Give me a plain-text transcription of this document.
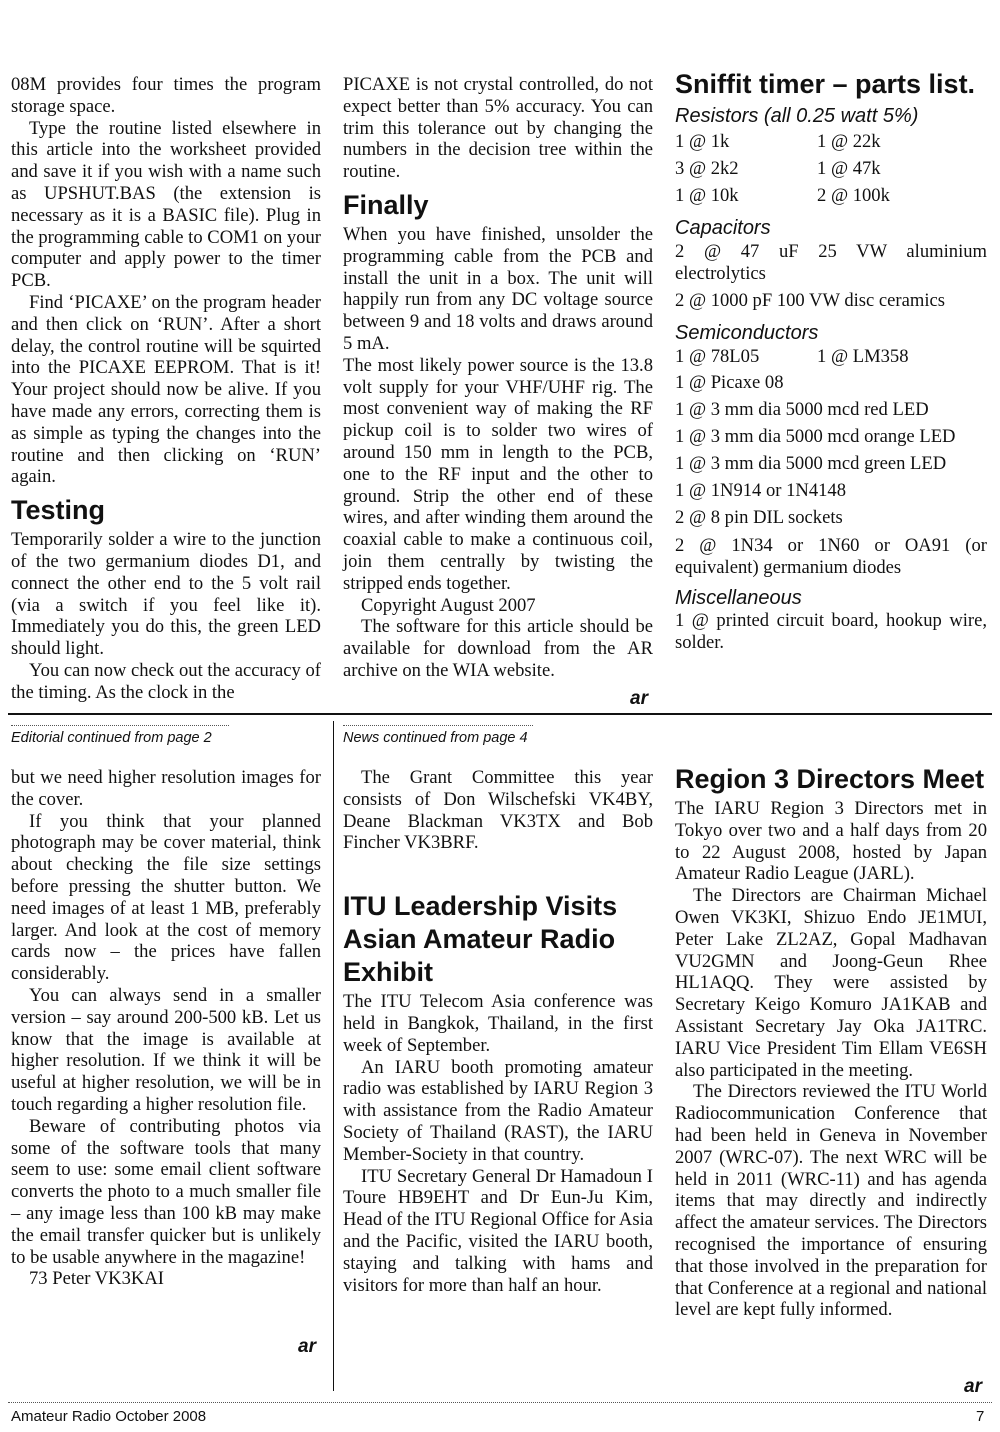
08M provides four times the program storage space.

Type the routine listed elsewhere in this article into the worksheet provided and save it if you wish with a name such as UPSHUT.BAS (the extension is necessary as it is a BASIC file). Plug in the programming cable to COM1 on your computer and apply power to the timer PCB.

Find ‘PICAXE’ on the program header and then click on ‘RUN’. After a short delay, the control routine will be squirted into the PICAXE EEPROM. That is it! Your project should now be alive. If you have made any errors, correcting them is as simple as typing the changes into the routine and then clicking on ‘RUN’ again.

Testing

Temporarily solder a wire to the junction of the two germanium diodes D1, and connect the other end to the 5 volt rail (via a switch if you feel like it). Immediately you do this, the green LED should light.

You can now check out the accuracy of the timing. As the clock in the

PICAXE is not crystal controlled, do not expect better than 5% accuracy. You can trim this tolerance out by changing the numbers in the decision tree within the routine.

Finally

When you have finished, unsolder the programming cable from the PCB and install the unit in a box. The unit will happily run from any DC voltage source between 9 and 18 volts and draws around 5 mA.

The most likely power source is the 13.8 volt supply for your VHF/UHF rig. The most convenient way of making the RF pickup coil is to solder two wires of around 150 mm in length to the PCB, one to the RF input and the other to ground. Strip the other end of these wires, and after winding them around the coaxial cable to make a continuous coil, join them centrally by twisting the stripped ends together.

Copyright August 2007

The software for this article should be available for download from the AR archive on the WIA website.

ar
Sniffit timer – parts list.
Resistors (all 0.25 watt 5%)
1 @ 1k	1 @ 22k
3 @ 2k2	1 @ 47k
1 @ 10k	2 @ 100k
Capacitors

2 @ 47 uF 25 VW aluminium electrolytics

2 @ 1000 pF 100 VW disc ceramics

Semiconductors
1 @ 78L05	1 @ LM358

1 @ Picaxe 08

1 @ 3 mm dia 5000 mcd red LED

1 @ 3 mm dia 5000 mcd orange LED

1 @ 3 mm dia 5000 mcd green LED

1 @ 1N914 or 1N4148

2 @ 8 pin DIL sockets

2 @ 1N34 or 1N60 or OA91 (or equivalent) germanium diodes

Miscellaneous

1 @ printed circuit board, hookup wire, solder.

Editorial continued from page 2

but we need higher resolution images for the cover.

If you think that your planned photograph may be cover material, think about checking the file size settings before pressing the shutter button. We need images of at least 1 MB, preferably larger. And look at the cost of memory cards now – the prices have fallen considerably.

You can always send in a smaller version – say around 200-500 kB. Let us know that the image is available at higher resolution. If we think it will be useful at higher resolution, we will be in touch regarding a higher resolution file.

Beware of contributing photos via some of the software tools that many seem to use: some email client software converts the photo to a much smaller file – any image less than 100 kB may make the email transfer quicker but is unlikely to be usable anywhere in the magazine!

73 Peter VK3KAI

ar
News continued from page 4

The Grant Committee this year consists of Don Wilschefski VK4BY, Deane Blackman VK3TX and Bob Fincher VK3BRF.

ITU Leadership Visits Asian Amateur Radio Exhibit

The ITU Telecom Asia conference was held in Bangkok, Thailand, in the first week of September.

An IARU booth promoting amateur radio was established by IARU Region 3 with assistance from the Radio Amateur Society of Thailand (RAST), the IARU Member-Society in that country.

ITU Secretary General Dr Hamadoun I Toure HB9EHT and Dr Eun-Ju Kim, Head of the ITU Regional Office for Asia and the Pacific, visited the IARU booth, staying and talking with hams and visitors for more than half an hour.

Region 3 Directors Meet

The IARU Region 3 Directors met in Tokyo over two and a half days from 20 to 22 August 2008, hosted by Japan Amateur Radio League (JARL).

The Directors are Chairman Michael Owen VK3KI, Shizuo Endo JE1MUI, Peter Lake ZL2AZ, Gopal Madhavan VU2GMN and Joong-Geun Rhee HL1AQQ. They were assisted by Secretary Keigo Komuro JA1KAB and Assistant Secretary Jay Oka JA1TRC. IARU Vice President Tim Ellam VE6SH also participated in the meeting.

The Directors reviewed the ITU World Radiocommunication Conference that had been held in Geneva in November 2007 (WRC-07). The next WRC will be held in 2011 (WRC-11) and has agenda items that may directly and indirectly affect the amateur services. The Directors recognised the importance of ensuring that those involved in the preparation for that Conference at a regional and national level are kept fully informed.

ar
Amateur Radio October 2008	7
